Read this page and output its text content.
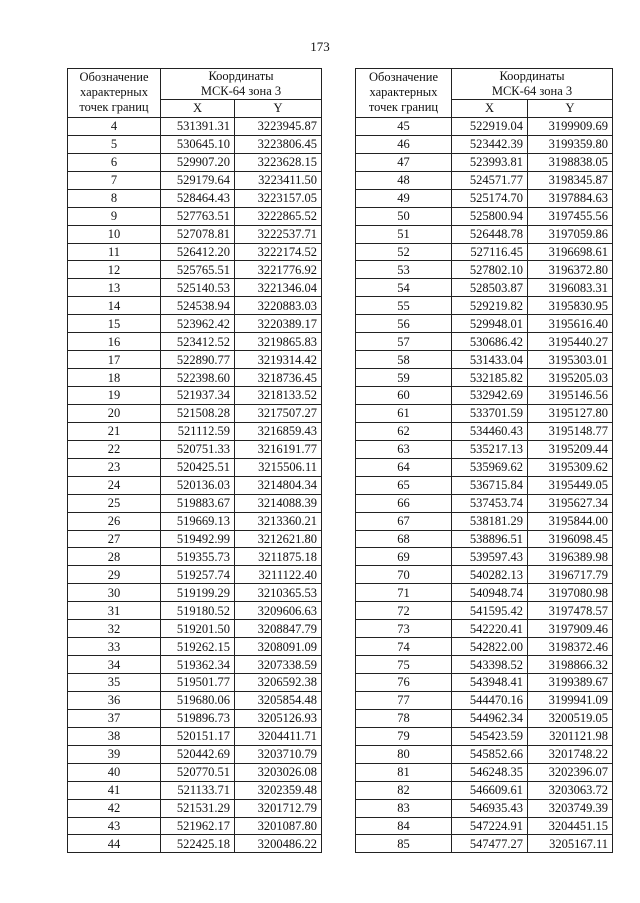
173
Обозначение
характерных
точек границ	Координаты
МСК-64 зона 3	

	X	Y
4	531391.31	3223945.87
5	530645.10	3223806.45
6	529907.20	3223628.15
7	529179.64	3223411.50
8	528464.43	3223157.05
9	527763.51	3222865.52
10	527078.81	3222537.71
11	526412.20	3222174.52
12	525765.51	3221776.92
13	525140.53	3221346.04
14	524538.94	3220883.03
15	523962.42	3220389.17
16	523412.52	3219865.83
17	522890.77	3219314.42
18	522398.60	3218736.45
19	521937.34	3218133.52
20	521508.28	3217507.27
21	521112.59	3216859.43
22	520751.33	3216191.77
23	520425.51	3215506.11
24	520136.03	3214804.34
25	519883.67	3214088.39
26	519669.13	3213360.21
27	519492.99	3212621.80
28	519355.73	3211875.18
29	519257.74	3211122.40
30	519199.29	3210365.53
31	519180.52	3209606.63
32	519201.50	3208847.79
33	519262.15	3208091.09
34	519362.34	3207338.59
35	519501.77	3206592.38
36	519680.06	3205854.48
37	519896.73	3205126.93
38	520151.17	3204411.71
39	520442.69	3203710.79
40	520770.51	3203026.08
41	521133.71	3202359.48
42	521531.29	3201712.79
43	521962.17	3201087.80
44	522425.18	3200486.22
Обозначение
характерных
точек границ	Координаты
МСК-64 зона 3	

	X	Y
45	522919.04	3199909.69
46	523442.39	3199359.80
47	523993.81	3198838.05
48	524571.77	3198345.87
49	525174.70	3197884.63
50	525800.94	3197455.56
51	526448.78	3197059.86
52	527116.45	3196698.61
53	527802.10	3196372.80
54	528503.87	3196083.31
55	529219.82	3195830.95
56	529948.01	3195616.40
57	530686.42	3195440.27
58	531433.04	3195303.01
59	532185.82	3195205.03
60	532942.69	3195146.56
61	533701.59	3195127.80
62	534460.43	3195148.77
63	535217.13	3195209.44
64	535969.62	3195309.62
65	536715.84	3195449.05
66	537453.74	3195627.34
67	538181.29	3195844.00
68	538896.51	3196098.45
69	539597.43	3196389.98
70	540282.13	3196717.79
71	540948.74	3197080.98
72	541595.42	3197478.57
73	542220.41	3197909.46
74	542822.00	3198372.46
75	543398.52	3198866.32
76	543948.41	3199389.67
77	544470.16	3199941.09
78	544962.34	3200519.05
79	545423.59	3201121.98
80	545852.66	3201748.22
81	546248.35	3202396.07
82	546609.61	3203063.72
83	546935.43	3203749.39
84	547224.91	3204451.15
85	547477.27	3205167.11
